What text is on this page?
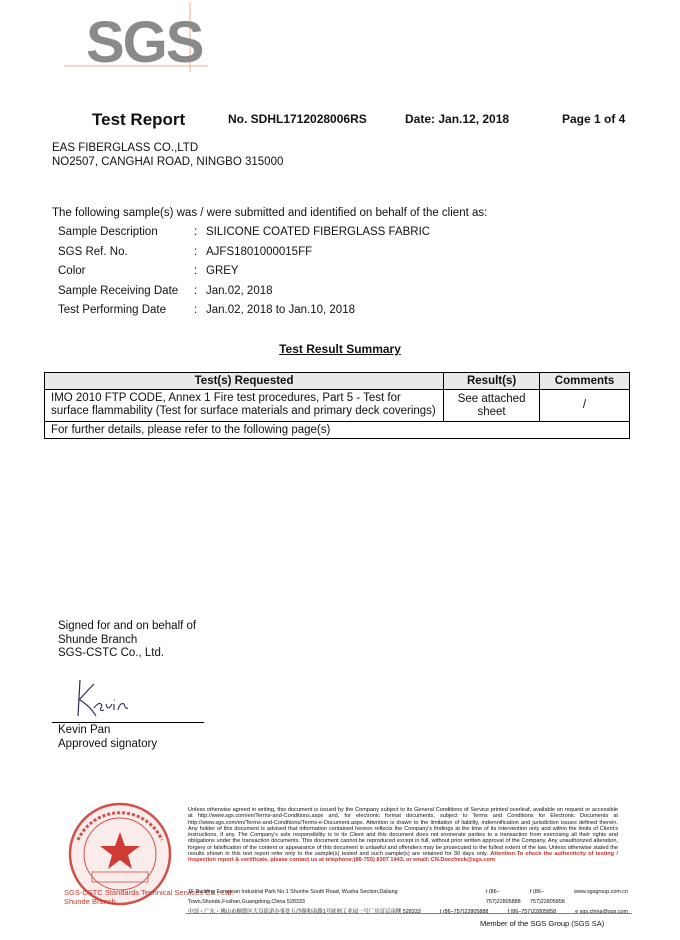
SGS
Test Report	No. SDHL1712028006RS	Date: Jan.12, 2018	Page 1 of 4
EAS FIBERGLASS CO.,LTD
NO2507, CANGHAI ROAD, NINGBO 315000
The following sample(s) was / were submitted and identified on behalf of the client as:
Sample Description	: SILICONE COATED FIBERGLASS FABRIC
SGS Ref. No.	: AJFS1801000015FF
Color	: GREY
Sample Receiving Date	: Jan.02, 2018
Test Performing Date	: Jan.02, 2018 to Jan.10, 2018
Test Result Summary
Test(s) Requested	Result(s)	Comments
IMO 2010 FTP CODE, Annex 1 Fire test procedures, Part 5 - Test for surface flammability (Test for surface materials and primary deck coverings)	See attached sheet	/
For further details, please refer to the following page(s)		
Signed for and on behalf of
Shunde Branch
SGS-CSTC Co., Ltd.
Kevin Pan
Approved signatory
SGS-CSTC Standards Technical Services Co., Ltd.
Shunde Branch
Unless otherwise agreed in writing, this document is issued by the Company subject to its General Conditions of Service printed overleaf, available on request or accessible at http://www.sgs.com/en/Terms-and-Conditions.aspx and, for electronic format documents, subject to Terms and Conditions for Electronic Documents at http://www.sgs.com/en/Terms-and-Conditions/Terms-e-Document.aspx. Attention is drawn to the limitation of liability, indemnification and jurisdiction issues defined therein. Any holder of this document is advised that information contained hereon reflects the Company's findings at the time of its intervention only and within the limits of Client's instructions, if any. The Company's sole responsibility is to its Client and this document does not exonerate parties to a transaction from exercising all their rights and obligations under the transaction documents. This document cannot be reproduced except in full, without prior written approval of the Company. Any unauthorized alteration, forgery or falsification of the content or appearance of this document is unlawful and offenders may be prosecuted to the fullest extent of the law. Unless otherwise stated the results shown in this test report refer only to the sample(s) tested and such sample(s) are retained for 30 days only. Attention:To check the authenticity of testing / inspection report & certificate, please contact us at telephone:(86-755) 8307 1443, or email: CN.Doccheck@sgs.com
1F Building European Industrial Park No.1 Shunhe South Road, Wusha Section,Daliang Town,Shunde,Foshan,Guangdong,China 528333
t (86–757)22805888
f (86–757)22805858
www.sgsgroup.com.cn
中国・广东・佛山市顺德区大良街道办事处五沙顺和南路1号欧洲工业园一号厂房首层南侧 528333	t (86–757)22805888	f (86–757)22805858	e sgs.china@sgs.com
Member of the SGS Group (SGS SA)
